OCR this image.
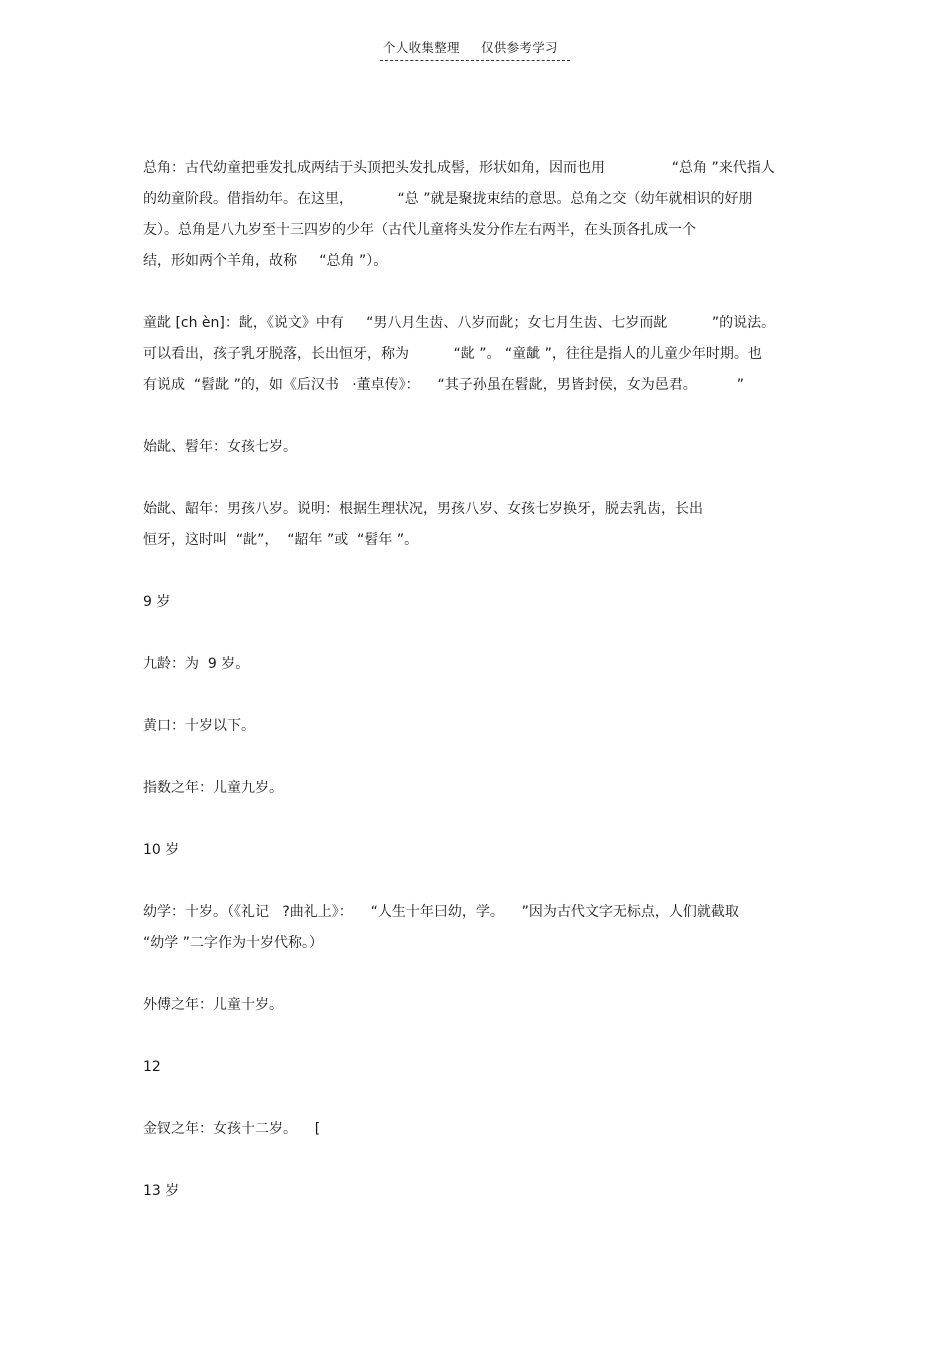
个人收集整理 仅供参考学习
总角：古代幼童把垂发扎成两结于头顶把头发扎成髻，形状如角，因而也用               “总角 ”来代指人
的幼童阶段。借指幼年。在这里，          “总 ”就是聚拢束结的意思。总角之交（幼年就相识的好朋
友）。总角是八九岁至十三四岁的少年（古代儿童将头发分作左右两半，在头顶各扎成一个
结，形如两个羊角，故称     “总角 ”）。
童龀 [ch èn]：龀，《说文》中有     “男八月生齿、八岁而龀；女七月生齿、七岁而龀          ”的说法。
可以看出，孩子乳牙脱落，长出恒牙，称为          “龀 ”。 “童龇 ”，往往是指人的儿童少年时期。也
有说成  “髫龀 ”的，如《后汉书   ·董卓传》：    “其子孙虽在髫龀，男皆封侯，女为邑君。         ”
始龀、髫年：女孩七岁。
始龀、龆年：男孩八岁。说明：根据生理状况，男孩八岁、女孩七岁换牙，脱去乳齿，长出
恒牙，这时叫  “龀”，  “龆年 ”或  “髫年 ”。
9 岁
九龄：为  9 岁。
黄口：十岁以下。
指数之年：儿童九岁。
10 岁
幼学：十岁。（《礼记   ?曲礼上》：    “人生十年曰幼，学。    ”因为古代文字无标点，人们就截取
“幼学 ”二字作为十岁代称。）
外傅之年：儿童十岁。
12
金钗之年：女孩十二岁。    [
13 岁
